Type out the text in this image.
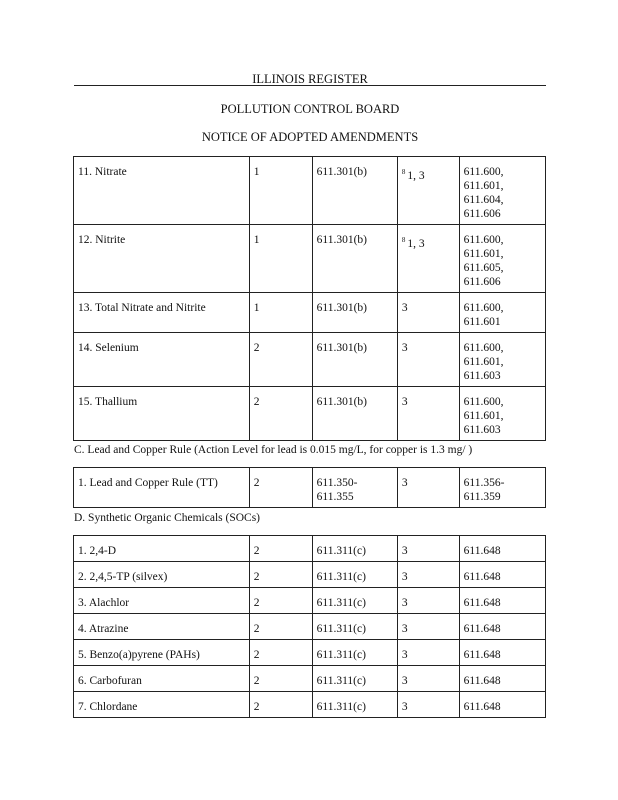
ILLINOIS REGISTER
POLLUTION CONTROL BOARD
NOTICE OF ADOPTED AMENDMENTS
11. Nitrate	1	611.301(b)	$^8$ 1, 3	611.600,
611.601,
611.604,
611.606
12. Nitrite	1	611.301(b)	$^8$ 1, 3	611.600,
611.601,
611.605,
611.606
13. Total Nitrate and Nitrite	1	611.301(b)	3	611.600,
611.601
14. Selenium	2	611.301(b)	3	611.600,
611.601,
611.603
15. Thallium	2	611.301(b)	3	611.600,
611.601,
611.603
C. Lead and Copper Rule (Action Level for lead is 0.015 mg/L, for copper is 1.3 mg/ )
1. Lead and Copper Rule (TT)	2	611.350-
611.355	3	611.356-
611.359
D. Synthetic Organic Chemicals (SOCs)
1. 2,4-D	2	611.311(c)	3	611.648
2. 2,4,5-TP (silvex)	2	611.311(c)	3	611.648
3. Alachlor	2	611.311(c)	3	611.648
4. Atrazine	2	611.311(c)	3	611.648
5. Benzo(a)pyrene (PAHs)	2	611.311(c)	3	611.648
6. Carbofuran	2	611.311(c)	3	611.648
7. Chlordane	2	611.311(c)	3	611.648
